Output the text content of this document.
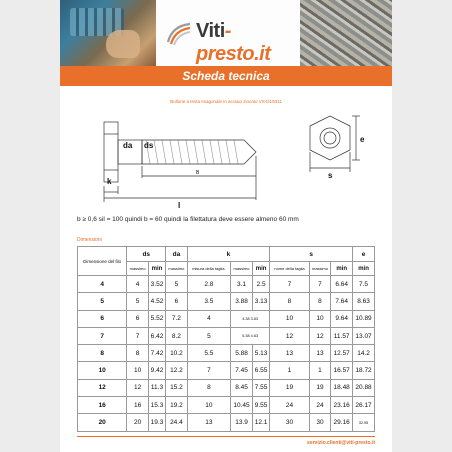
Viti-presto.it
Scheda tecnica
Bullone a testa esagonale in acciaio zincato VS-D19311
da ds
k
B
l
e
s
b ≥ 0,6 sil = 100 quindi b = 60 quindi la filettatura deve essere almeno 60 mm
Dimensioni
Dimensione del filo	ds		da	k			s			e
	massimo	min	massimo	misura della taglia.	massimo	min	nome della taglia	massimo	min	min
4	4	3.52	5	2.8	3.1	2.5	7	7	6.64	7.5
5	5	4.52	6	3.5	3.88	3.13	8	8	7.64	8.63
6	6	5.52	7.2	4	4.38 3.63		10	10	9.64	10.89
7	7	6.42	8.2	5	5.38 4.63		12	12	11.57	13.07
8	8	7.42	10.2	5.5	5.88	5.13	13	13	12.57	14.2
10	10	9.42	12.2	7	7.45	6.55	1	1	16.57	18.72
12	12	11.3	15.2	8	8.45	7.55	19	19	18.48	20.88
16	16	15.3	19.2	10	10.45	9.55	24	24	23.16	26.17
20	20	19.3	24.4	13	13.9	12.1	30	30	29.16	32.95
servizio.clienti@viti-presto.it
